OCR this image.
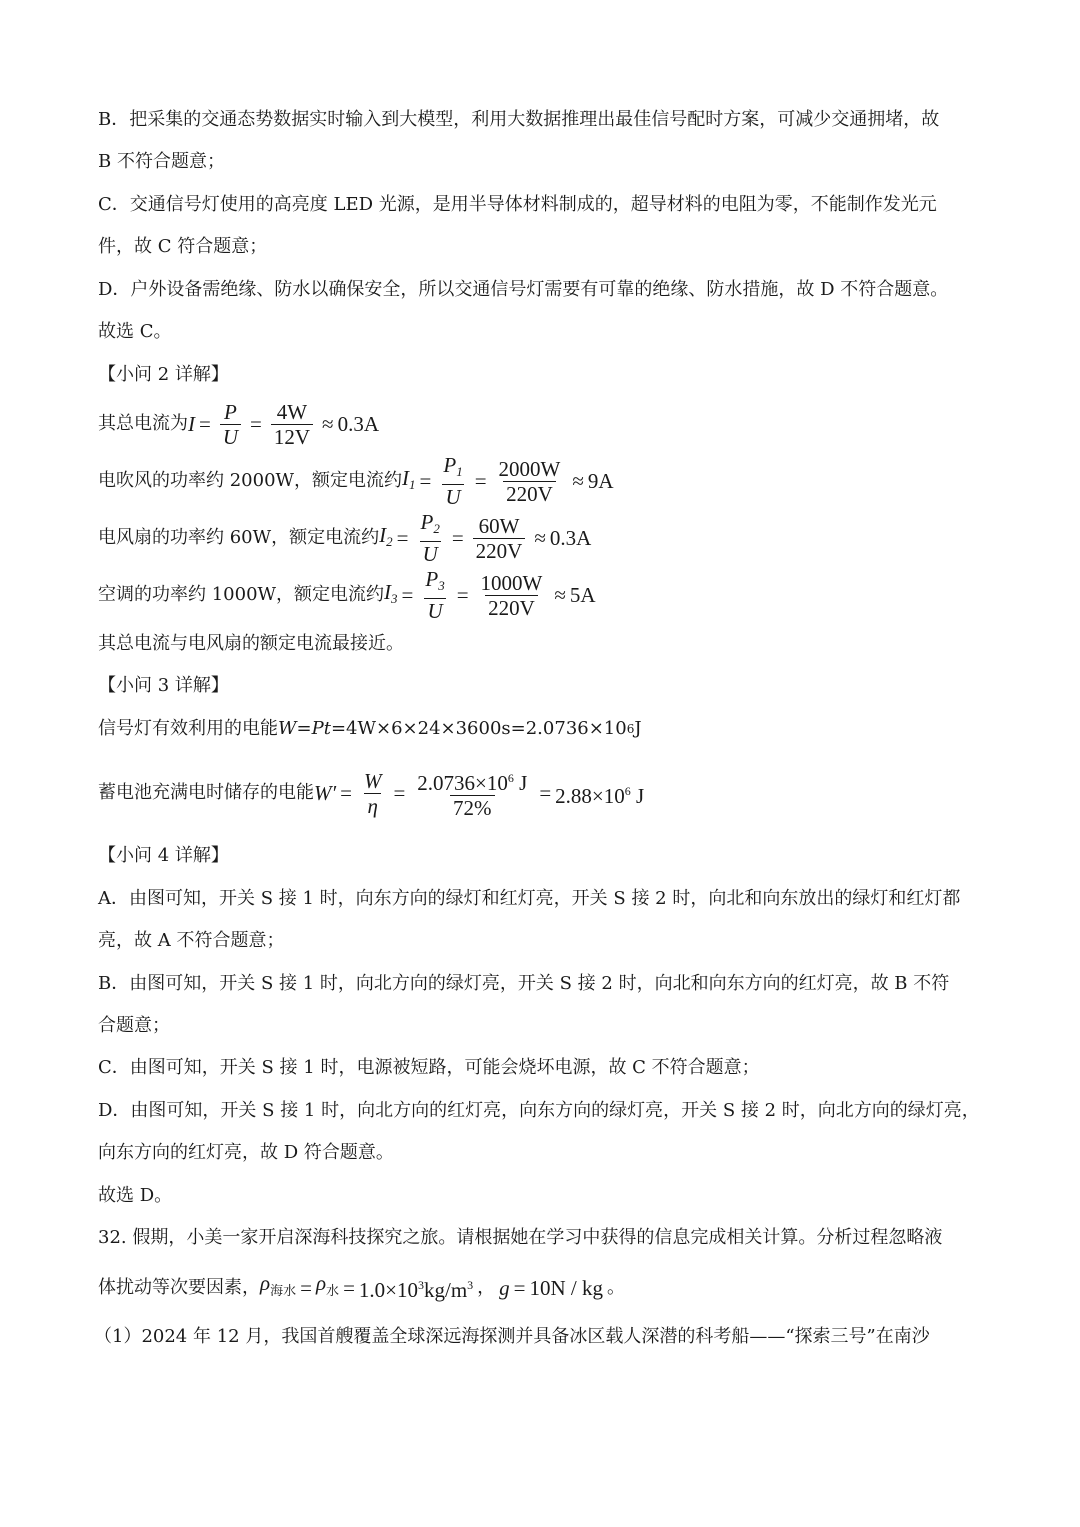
B．把采集的交通态势数据实时输入到大模型，利用大数据推理出最佳信号配时方案，可减少交通拥堵，故
B 不符合题意；
C．交通信号灯使用的高亮度 LED 光源，是用半导体材料制成的，超导材料的电阻为零，不能制作发光元
件，故 C 符合题意；
D．户外设备需绝缘、防水以确保安全，所以交通信号灯需要有可靠的绝缘、防水措施，故 D 不符合题意。
故选 C。
【小问 2 详解】
其总电流为 $I = \frac{P}{U} = \frac{4W}{12V} \approx 0.3A$
电吹风的功率约 2000W，额定电流约 $I_1 = \frac{P_1}{U} = \frac{2000W}{220V} \approx 9A$
电风扇的功率约 60W，额定电流约 $I_2 = \frac{P_2}{U} = \frac{60W}{220V} \approx 0.3A$
空调的功率约 1000W，额定电流约 $I_3 = \frac{P_3}{U} = \frac{1000W}{220V} \approx 5A$
其总电流与电风扇的额定电流最接近。
【小问 3 详解】
信号灯有效利用的电能 W = Pt =4W×6×24×3600s=2.0736×10 6 J
蓄电池充满电时储存的电能 $W' = \frac{W}{\eta} = \frac{2.0736\times 10^6 J}{72\%} = 2.88\times 10^6$ J
【小问 4 详解】
A．由图可知，开关 S 接 1 时，向东方向的绿灯和红灯亮，开关 S 接 2 时，向北和向东放出的绿灯和红灯都
亮，故 A 不符合题意；
B．由图可知，开关 S 接 1 时，向北方向的绿灯亮，开关 S 接 2 时，向北和向东方向的红灯亮，故 B 不符
合题意；
C．由图可知，开关 S 接 1 时，电源被短路，可能会烧坏电源，故 C 不符合题意；
D．由图可知，开关 S 接 1 时，向北方向的红灯亮，向东方向的绿灯亮，开关 S 接 2 时，向北方向的绿灯亮，
向东方向的红灯亮，故 D 符合题意。
故选 D。
32. 假期，小美一家开启深海科技探究之旅。请根据她在学习中获得的信息完成相关计算。分析过程忽略液
体扰动等次要因素， $\rho_{海水} = \rho_水 = 1.0\times 10^3kg/m^3$ ， g = 10N / kg 。
（1）2024 年 12 月，我国首艘覆盖全球深远海探测并具备冰区载人深潜的科考船——“探索三号”在南沙
